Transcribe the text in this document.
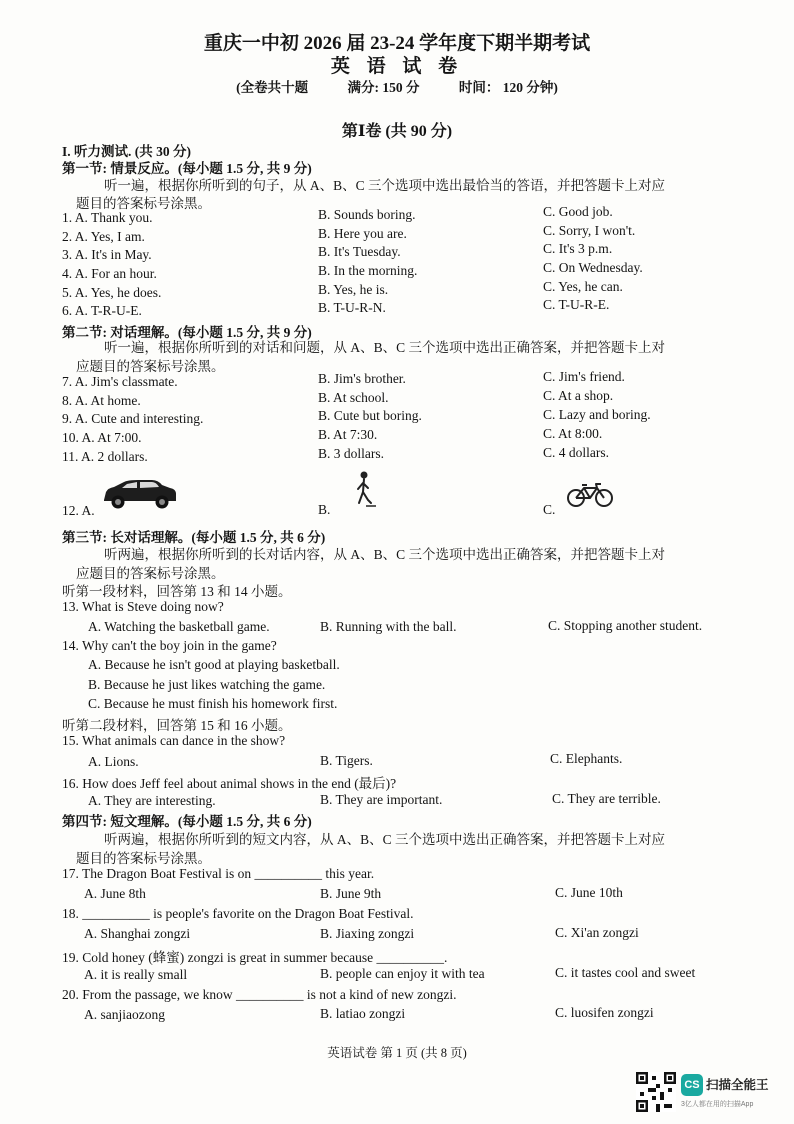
重庆一中初 2026 届 23-24 学年度下期半期考试
英 语 试 卷
(全卷共十题	满分: 150 分	时间： 120 分钟)
第Ⅰ卷 (共 90 分)
I. 听力测试. (共 30 分)
第一节: 情景反应。(每小题 1.5 分, 共 9 分)
听一遍，根据你所听到的句子，从 A、B、C 三个选项中选出最恰当的答语，并把答题卡上对应
题目的答案标号涂黑。
1. A. Thank you.	B. Sounds boring.	C. Good job.
2. A. Yes, I am.	B. Here you are.	C. Sorry, I won't.
3. A. It's in May.	B. It's Tuesday.	C. It's 3 p.m.
4. A. For an hour.	B. In the morning.	C. On Wednesday.
5. A. Yes, he does.	B. Yes, he is.	C. Yes, he can.
6. A. T-R-U-E.	B. T-U-R-N.	C. T-U-R-E.
第二节: 对话理解。(每小题 1.5 分, 共 9 分)
听一遍，根据你所听到的对话和问题，从 A、B、C 三个选项中选出正确答案，并把答题卡上对
应题目的答案标号涂黑。
7. A. Jim's classmate.	B. Jim's brother.	C. Jim's friend.
8. A. At home.	B. At school.	C. At a shop.
9. A. Cute and interesting.	B. Cute but boring.	C. Lazy and boring.
10. A. At 7:00.	B. At 7:30.	C. At 8:00.
11. A. 2 dollars.	B. 3 dollars.	C. 4 dollars.
12. A.	B.	C.
第三节: 长对话理解。(每小题 1.5 分, 共 6 分)
听两遍，根据你所听到的长对话内容，从 A、B、C 三个选项中选出正确答案，并把答题卡上对
应题目的答案标号涂黑。
听第一段材料，回答第 13 和 14 小题。
13. What is Steve doing now?
A. Watching the basketball game.	B. Running with the ball.	C. Stopping another student.
14. Why can't the boy join in the game?
A. Because he isn't good at playing basketball.
B. Because he just likes watching the game.
C. Because he must finish his homework first.
听第二段材料，回答第 15 和 16 小题。
15. What animals can dance in the show?
A. Lions.	B. Tigers.	C. Elephants.
16. How does Jeff feel about animal shows in the end (最后)?
A. They are interesting.	B. They are important.	C. They are terrible.
第四节: 短文理解。(每小题 1.5 分, 共 6 分)
听两遍，根据你所听到的短文内容，从 A、B、C 三个选项中选出正确答案，并把答题卡上对应
题目的答案标号涂黑。
17. The Dragon Boat Festival is on __________ this year.
A. June 8th	B. June 9th	C. June 10th
18. __________ is people's favorite on the Dragon Boat Festival.
A. Shanghai zongzi	B. Jiaxing zongzi	C. Xi'an zongzi
19. Cold honey (蜂蜜) zongzi is great in summer because __________.
A. it is really small	B. people can enjoy it with tea	C. it tastes cool and sweet
20. From the passage, we know __________ is not a kind of new zongzi.
A. sanjiaozong	B. latiao zongzi	C. luosifen zongzi
英语试卷 第 1 页 (共 8 页)
CS 扫描全能王
3亿人都在用的扫描App
